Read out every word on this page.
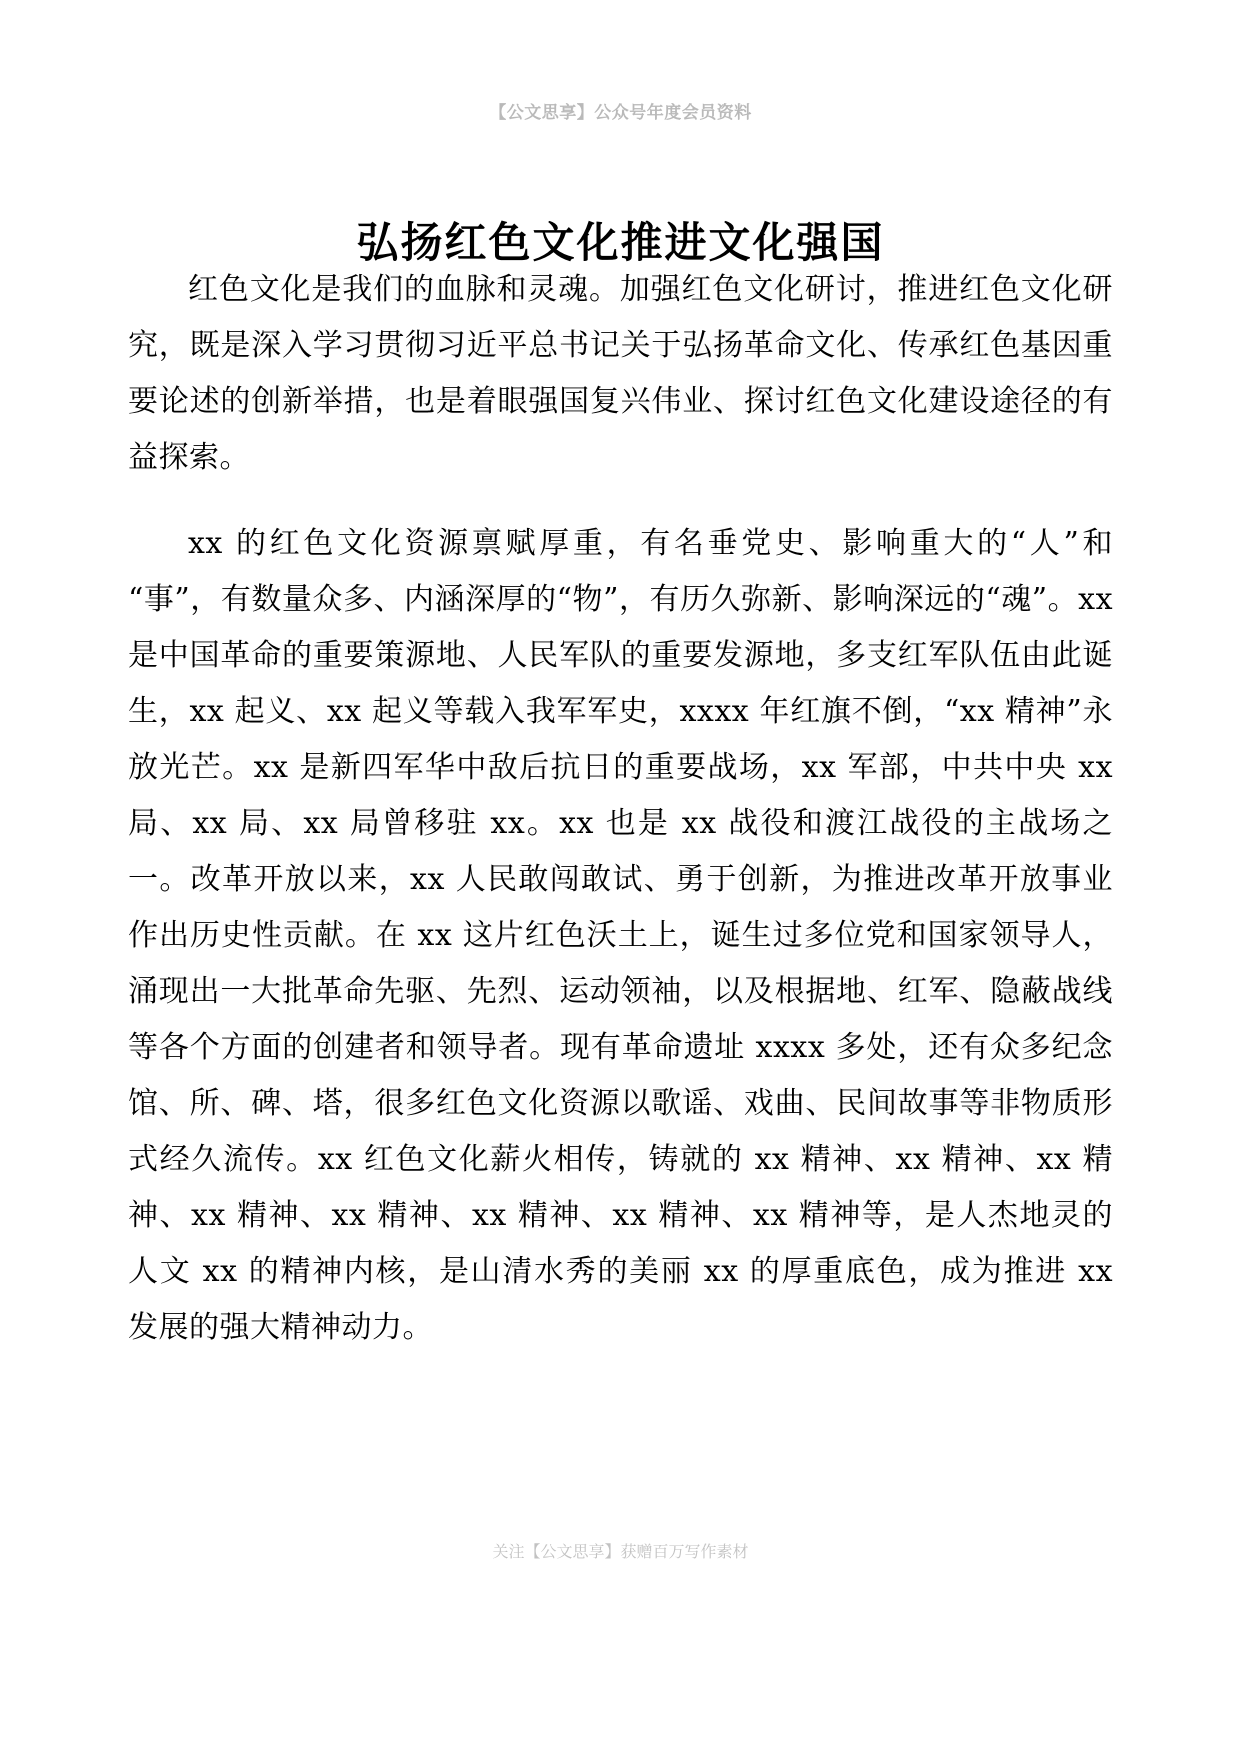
【公文思享】公众号年度会员资料
弘扬红色文化推进文化强国

红色文化是我们的血脉和灵魂。加强红色文化研讨，推进红色文化研究，既是深入学习贯彻习近平总书记关于弘扬革命文化、传承红色基因重要论述的创新举措，也是着眼强国复兴伟业、探讨红色文化建设途径的有益探索。

xx 的红色文化资源禀赋厚重，有名垂党史、影响重大的“人”和“事”，有数量众多、内涵深厚的“物”，有历久弥新、影响深远的“魂”。xx 是中国革命的重要策源地、人民军队的重要发源地，多支红军队伍由此诞生，xx 起义、xx 起义等载入我军军史，xxxx 年红旗不倒，“xx 精神”永放光芒。xx 是新四军华中敌后抗日的重要战场，xx 军部，中共中央 xx 局、xx 局、xx 局曾移驻 xx。xx 也是 xx 战役和渡江战役的主战场之一。改革开放以来，xx 人民敢闯敢试、勇于创新，为推进改革开放事业作出历史性贡献。在 xx 这片红色沃土上，诞生过多位党和国家领导人，涌现出一大批革命先驱、先烈、运动领袖，以及根据地、红军、隐蔽战线等各个方面的创建者和领导者。现有革命遗址 xxxx 多处，还有众多纪念馆、所、碑、塔，很多红色文化资源以歌谣、戏曲、民间故事等非物质形式经久流传。xx 红色文化薪火相传，铸就的 xx 精神、xx 精神、xx 精神、xx 精神、xx 精神、xx 精神、xx 精神、xx 精神等，是人杰地灵的人文 xx 的精神内核，是山清水秀的美丽 xx 的厚重底色，成为推进 xx 发展的强大精神动力。

关注【公文思享】获赠百万写作素材
